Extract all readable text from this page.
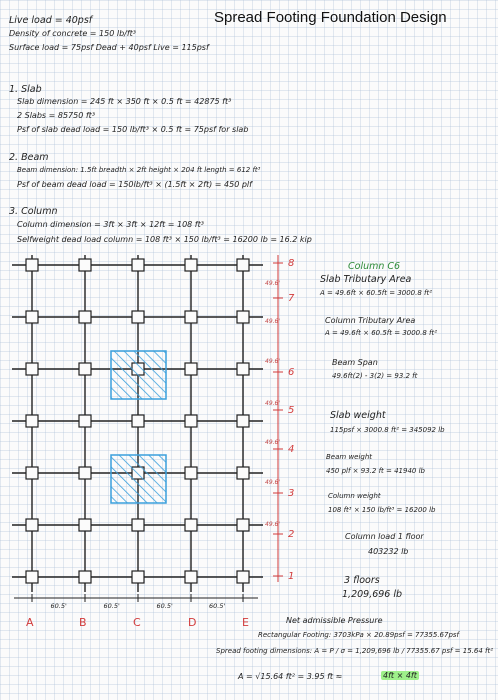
Spread Footing Foundation Design
Live load = 40psf
Density of concrete = 150 lb/ft³
Surface load = 75psf Dead + 40psf Live = 115psf
1. Slab
Slab dimension = 245 ft × 350 ft × 0.5 ft = 42875 ft³
2 Slabs = 85750 ft³
Psf of slab dead load = 150 lb/ft³ × 0.5 ft = 75psf for slab
2. Beam
Beam dimension: 1.5ft breadth × 2ft height × 204 ft length = 612 ft³
Psf of beam dead load = 150lb/ft³ × (1.5ft × 2ft) = 450 plf
3. Column
Column dimension = 3ft × 3ft × 12ft = 108 ft³
Selfweight dead load column = 108 ft³ × 150 lb/ft³ = 16200 lb = 16.2 kip
8
7
6
5
4
3
2
1
49.6'
49.6'
49.6'
49.6'
49.6'
49.6'
49.6'
A	B	C	D	E
60.5'	60.5'	60.5'	60.5'
Column C6
Slab Tributary Area
A = 49.6ft × 60.5ft = 3000.8 ft²
Column Tributary Area
A = 49.6ft × 60.5ft = 3000.8 ft²
Beam Span
49.6ft(2) - 3(2) = 93.2 ft
Slab weight
115psf × 3000.8 ft² = 345092 lb
Beam weight
450 plf × 93.2 ft = 41940 lb
Column weight
108 ft³ × 150 lb/ft³ = 16200 lb
Column load 1 floor
403232 lb
3 floors
1,209,696 lb
Net admissible Pressure
Rectangular Footing: 3703kPa × 20.89psf = 77355.67psf
Spread footing dimensions: A = P / σ = 1,209,696 lb / 77355.67 psf = 15.64 ft²
A = √15.64 ft² = 3.95 ft ≈	4ft × 4ft
